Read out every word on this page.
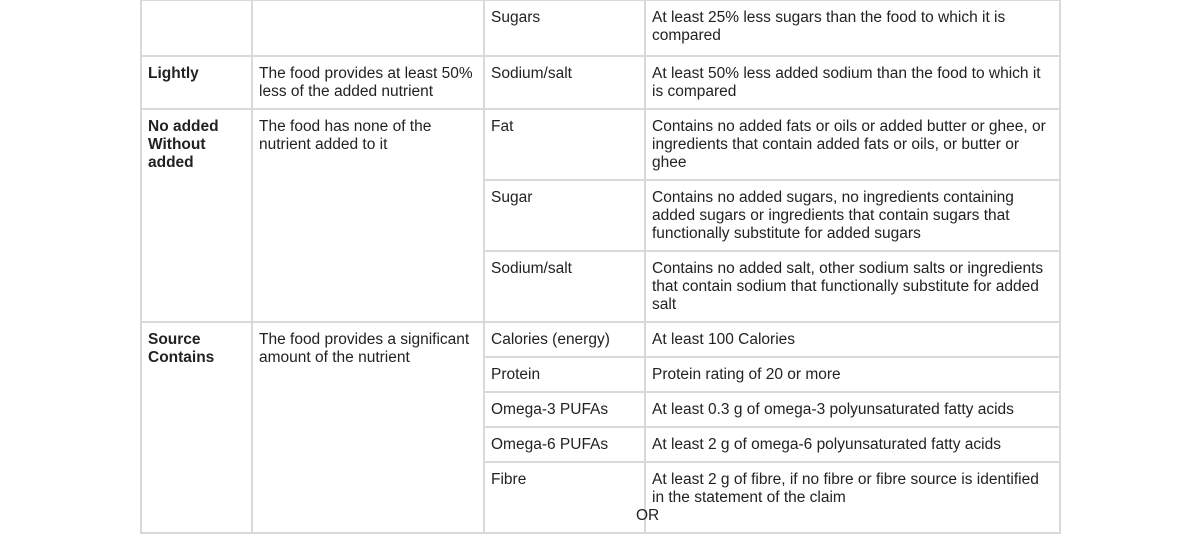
		Sugars	At least 25% less sugars than the food to which it is compared

Lightly	The food provides at least 50% less of the added nutrient	Sodium/salt	At least 50% less added sodium than the food to which it is compared

No added
Without
added	The food has none of the nutrient added to it	Fat	Contains no added fats or oils or added butter or ghee, or ingredients that contain added fats or oils, or butter or ghee
		Sugar	Contains no added sugars, no ingredients containing added sugars or ingredients that contain sugars that functionally substitute for added sugars
		Sodium/salt	Contains no added salt, other sodium salts or ingredients that contain sodium that functionally substitute for added salt

Source
Contains	The food provides a significant amount of the nutrient	Calories (energy)	At least 100 Calories
		Protein	Protein rating of 20 or more
		Omega-3 PUFAs	At least 0.3 g of omega-3 polyunsaturated fatty acids
		Omega-6 PUFAs	At least 2 g of omega-6 polyunsaturated fatty acids
		Fibre	At least 2 g of fibre, if no fibre or fibre source is identified in the statement of the claim
OR
